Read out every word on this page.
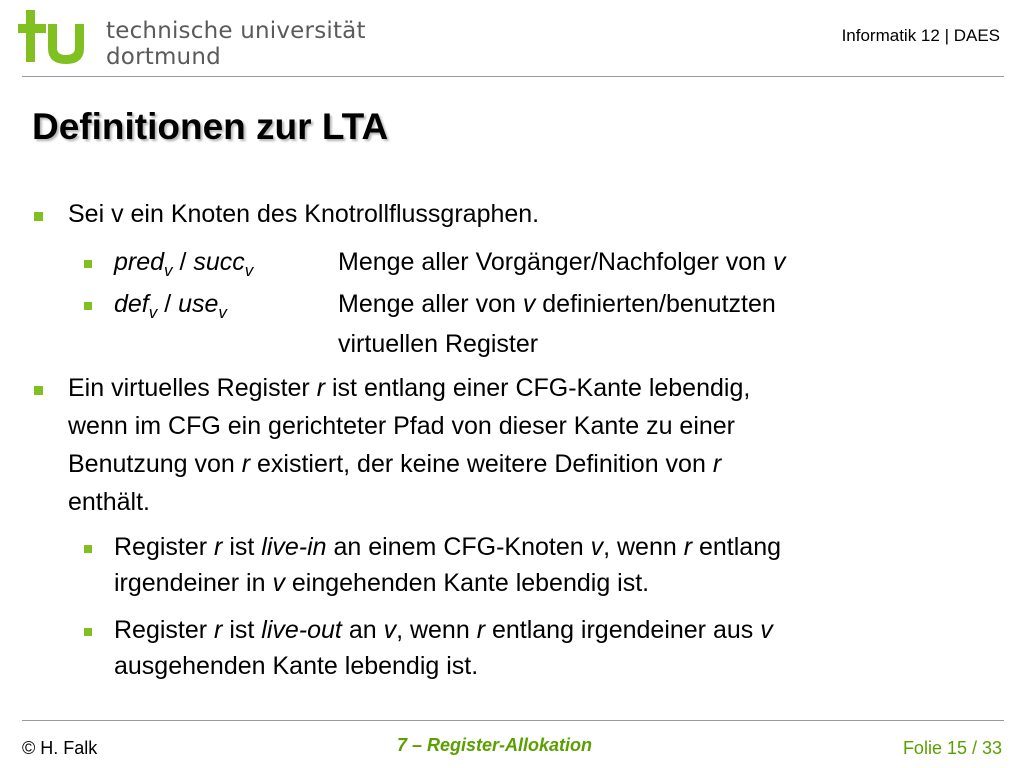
technische universität
dortmund
Informatik 12 | DAES
Definitionen zur LTA
Sei v ein Knoten des Knotrollflussgraphen.
pred$_v$ / succ$_v$	Menge aller Vorgänger/Nachfolger von v
def$_v$ / use$_v$	Menge aller von v definierten/benutzten
virtuellen Register
Ein virtuelles Register r ist entlang einer CFG-Kante lebendig,
wenn im CFG ein gerichteter Pfad von dieser Kante zu einer
Benutzung von r existiert, der keine weitere Definition von r
enthält.
Register r ist live-in an einem CFG-Knoten v, wenn r entlang
irgendeiner in v eingehenden Kante lebendig ist.
Register r ist live-out an v, wenn r entlang irgendeiner aus v
ausgehenden Kante lebendig ist.
© H. Falk	7 – Register-Allokation	Folie 15 / 33
